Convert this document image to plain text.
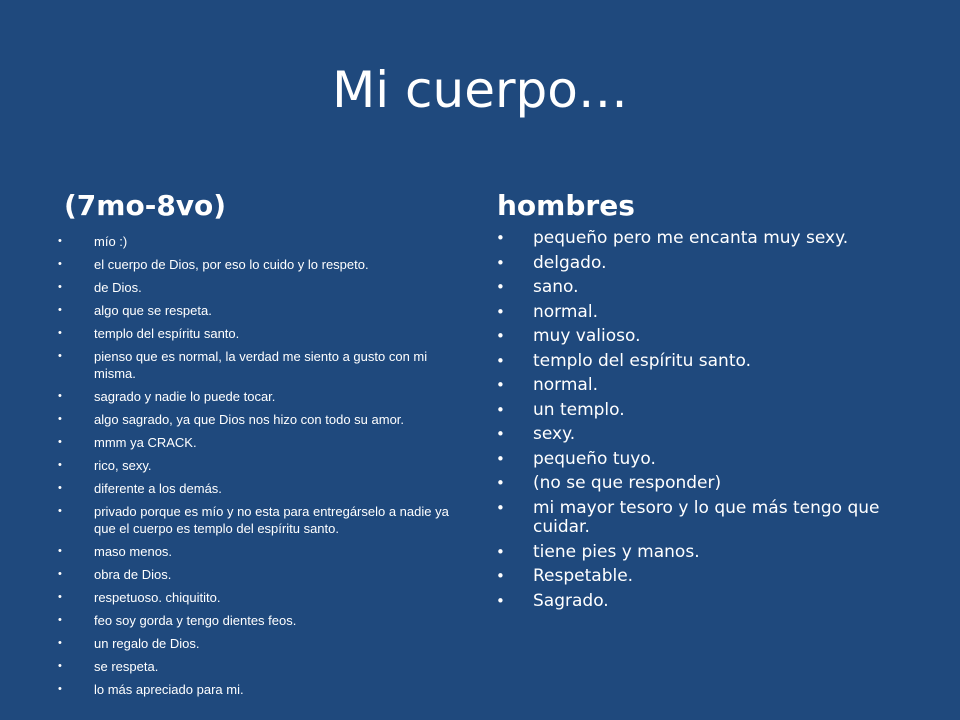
Mi cuerpo…
(7mo-8vo)	hombres
• mío :)
• el cuerpo de Dios, por eso lo cuido y lo respeto.
• de Dios.
• algo que se respeta.
• templo del espíritu santo.
• pienso que es normal, la verdad me siento a gusto con mi misma.
• sagrado y nadie lo puede tocar.
• algo sagrado, ya que Dios nos hizo con todo su amor.
• mmm ya CRACK.
• rico, sexy.
• diferente a los demás.
• privado porque es mío y no esta para entregárselo a nadie ya que el cuerpo es templo del espíritu santo.
• maso menos.
• obra de Dios.
• respetuoso. chiquitito.
• feo soy gorda y tengo dientes feos.
• un regalo de Dios.
• se respeta.
• lo más apreciado para mi.
• pequeño pero me encanta muy sexy.
• delgado.
• sano.
• normal.
• muy valioso.
• templo del espíritu santo.
• normal.
• un templo.
• sexy.
• pequeño tuyo.
• (no se que responder)
• mi mayor tesoro y lo que más tengo que cuidar.
• tiene pies y manos.
• Respetable.
• Sagrado.
